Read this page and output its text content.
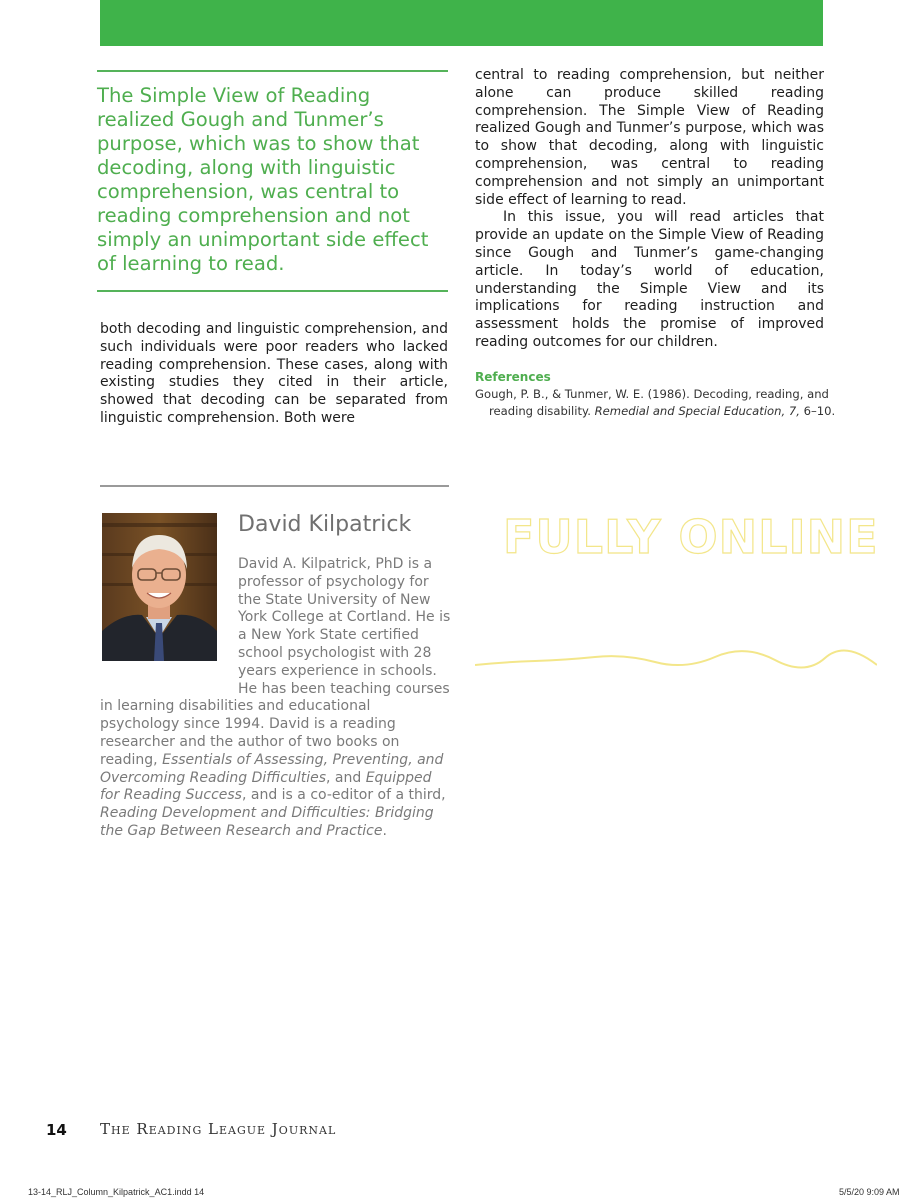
The Simple View of Reading realized Gough and Tunmer’s purpose, which was to show that decoding, along with linguistic comprehension, was central to reading comprehension and not simply an unimportant side effect of learning to read.

both decoding and linguistic comprehension, and such individuals were poor readers who lacked reading comprehension. These cases, along with existing studies they cited in their article, showed that decoding can be separated from linguistic comprehension. Both were

central to reading comprehension, but neither alone can produce skilled reading comprehension. The Simple View of Reading realized Gough and Tunmer’s purpose, which was to show that decoding, along with linguistic comprehension, was central to reading comprehension and not simply an unimportant side effect of learning to read.

In this issue, you will read articles that provide an update on the Simple View of Reading since Gough and Tunmer’s game-changing article. In today’s world of education, understanding the Simple View and its implications for reading instruction and assessment holds the promise of improved reading outcomes for our children.

References
Gough, P. B., & Tunmer, W. E. (1986). Decoding, reading, and reading disability. Remedial and Special Education, 7, 6–10.
David Kilpatrick
David A. Kilpatrick, PhD is a professor of psychology for the State University of New York College at Cortland. He is a New York State certified school psychologist with 28 years experience in schools. He has been teaching courses in learning disabilities and educational psychology since 1994. David is a reading researcher and the author of two books on reading, Essentials of Assessing, Preventing, and Overcoming Reading Difficulties, and Equipped for Reading Success, and is a co-editor of a third, Reading Development and Difficulties: Bridging the Gap Between Research and Practice.
FULLY ONLINE
14 The Reading League Journal
13-14_RLJ_Column_Kilpatrick_AC1.indd 14	5/5/20 9:09 AM
